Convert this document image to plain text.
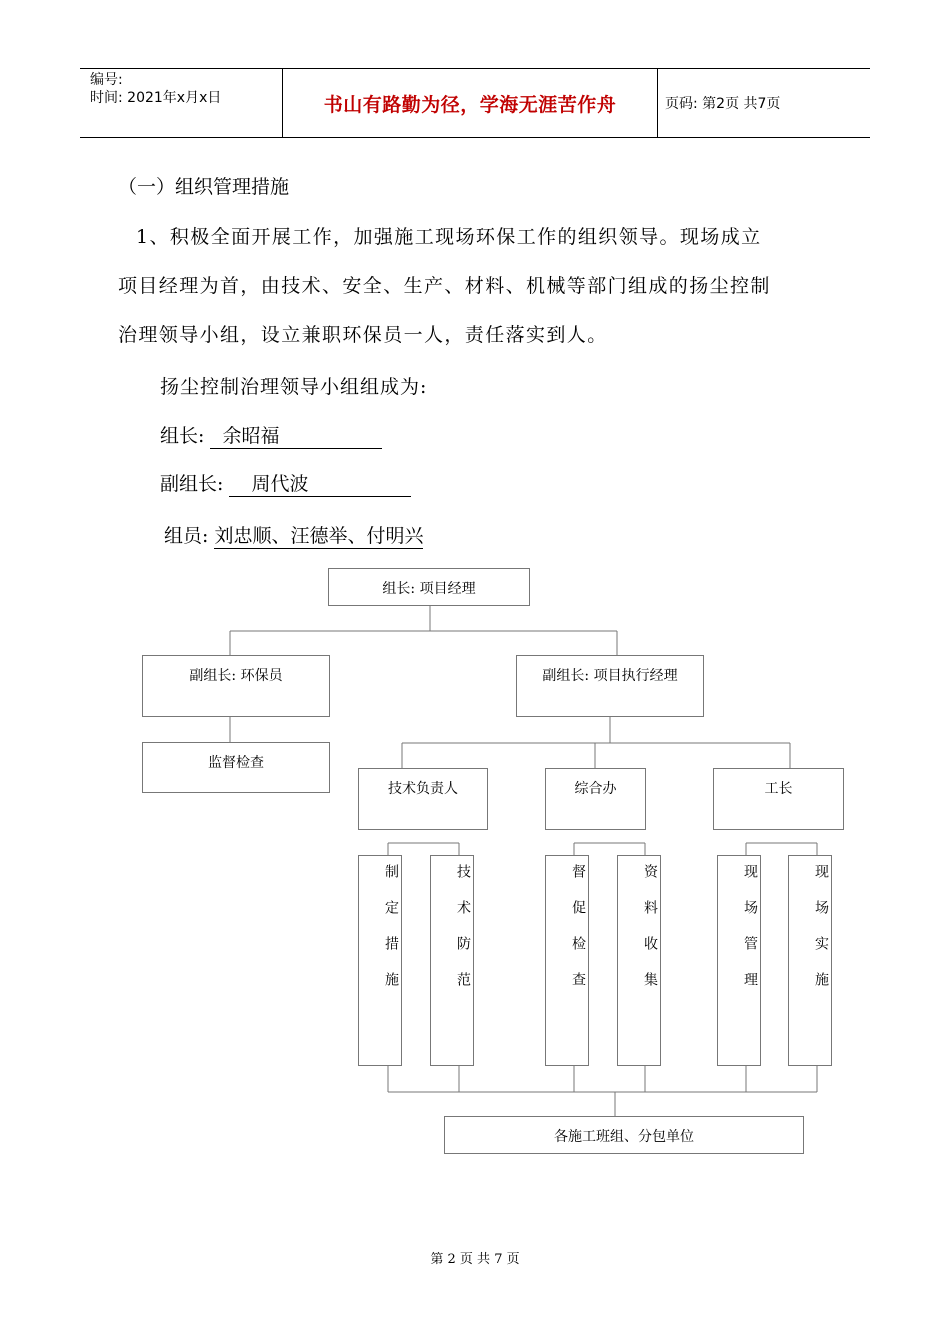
编号:
时间: 2021年x月x日	书山有路勤为径，学海无涯苦作舟	页码: 第2页 共7页
（一）组织管理措施
1、积极全面开展工作，加强施工现场环保工作的组织领导。现场成立
项目经理为首，由技术、安全、生产、材料、机械等部门组成的扬尘控制
治理领导小组，设立兼职环保员一人，责任落实到人。
扬尘控制治理领导小组组成为:
组长: 余昭福
副组长: 周代波
组员: 刘忠顺、汪德举、付明兴
组长: 项目经理
副组长: 环保员	副组长: 项目执行经理
监督检查
技术负责人	综合办	工长
制定措施	技术防范	督促检查	资料收集	现场管理	现场实施
各施工班组、分包单位
第 2 页 共 7 页
